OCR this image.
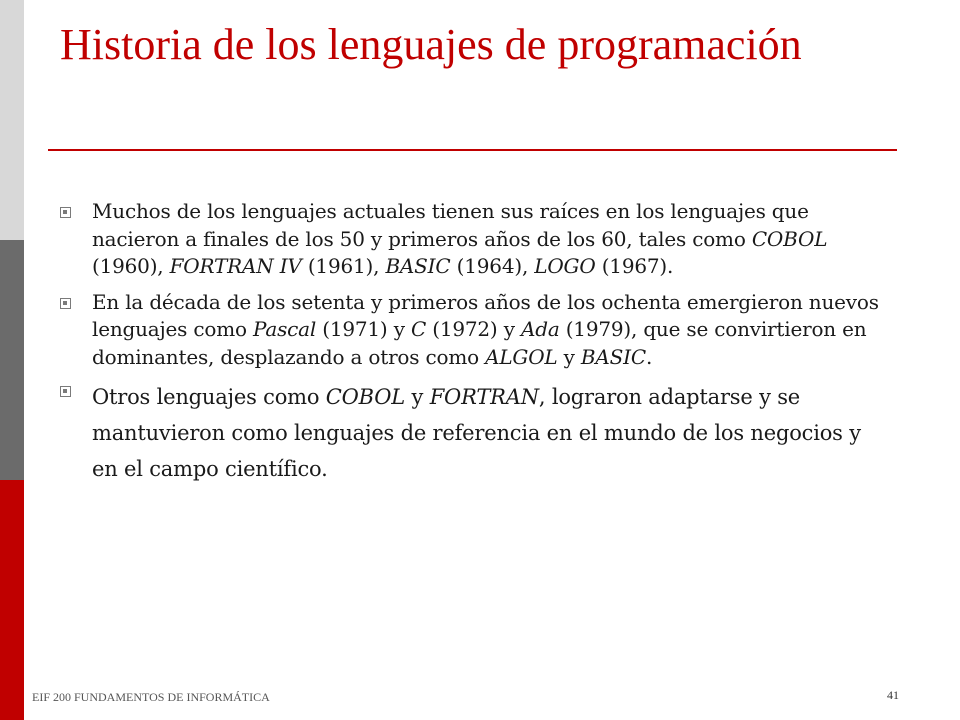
Historia de los lenguajes de programación
Muchos de los lenguajes actuales tienen sus raíces en los lenguajes que nacieron a finales de los 50 y primeros años de los 60, tales como COBOL (1960), FORTRAN IV (1961), BASIC (1964), LOGO (1967).
En la década de los setenta y primeros años de los ochenta emergieron nuevos lenguajes como Pascal (1971) y C (1972) y Ada (1979), que se convirtieron en dominantes, desplazando a otros como ALGOL y BASIC.
Otros lenguajes como COBOL y FORTRAN, lograron adaptarse y se mantuvieron como lenguajes de referencia en el mundo de los negocios y en el campo científico.
EIF 200 FUNDAMENTOS DE INFORMÁTICA	41
